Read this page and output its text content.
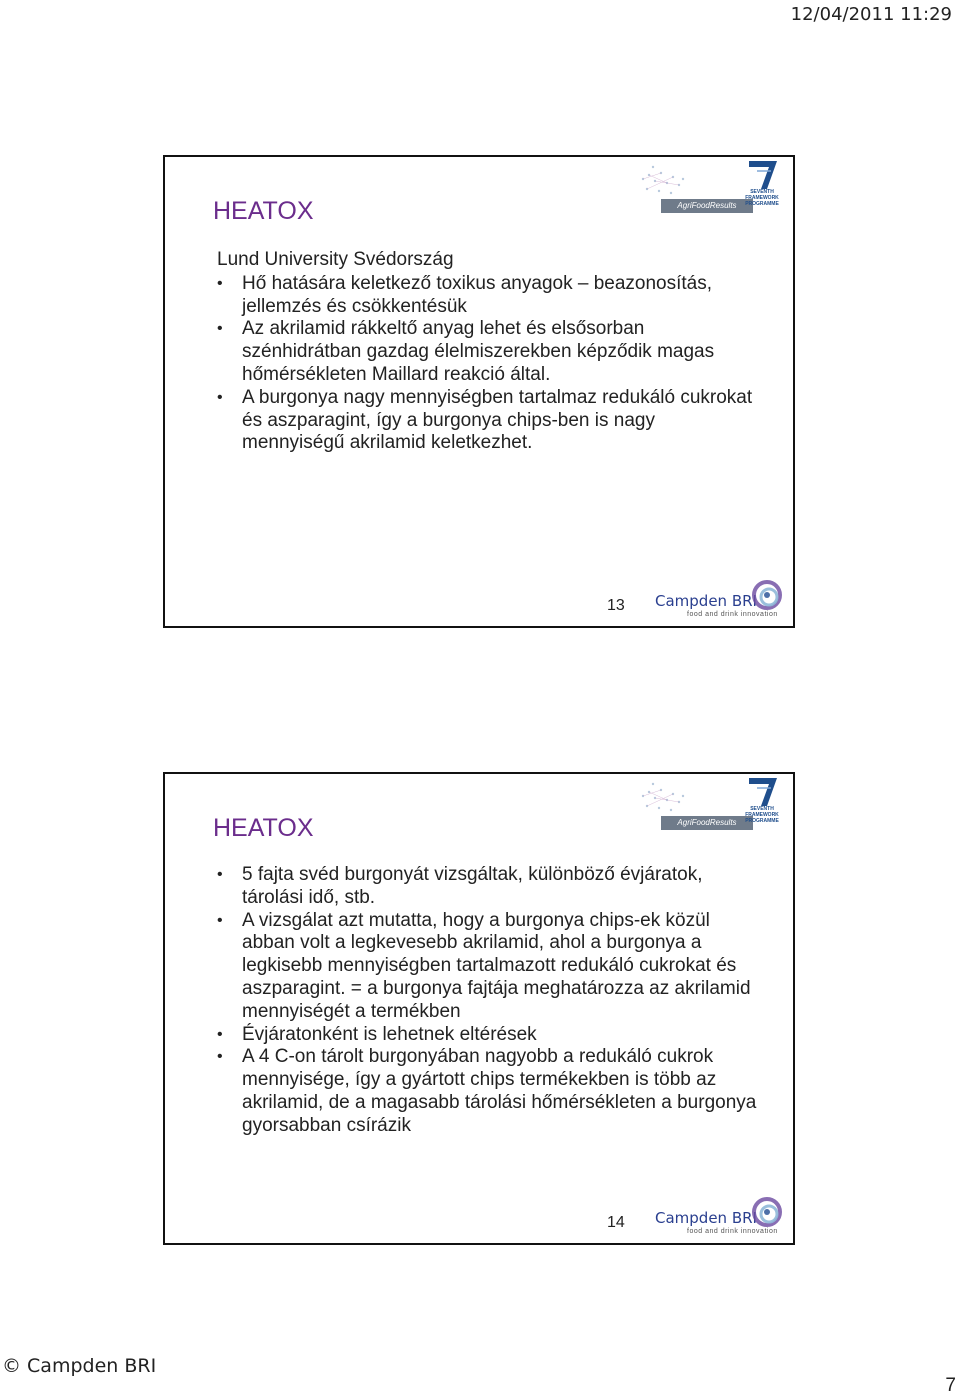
12/04/2011 11:29
AgriFoodResults
SEVENTH FRAMEWORK PROGRAMME
HEATOX

Lund University Svédország

• Hő hatására keletkező toxikus anyagok – beazonosítás, jellemzés és csökkentésük
• Az akrilamid rákkeltő anyag lehet és elsősorban szénhidrátban gazdag élelmiszerekben képződik magas hőmérsékleten Maillard reakció által.
• A burgonya nagy mennyiségben tartalmaz redukáló cukrokat és aszparagint, így a burgonya chips-ben is nagy mennyiségű akrilamid keletkezhet.
13 Campden BRI
food and drink innovation
AgriFoodResults
SEVENTH FRAMEWORK PROGRAMME
HEATOX
• 5 fajta svéd burgonyát vizsgáltak, különböző évjáratok, tárolási idő, stb.
• A vizsgálat azt mutatta, hogy a burgonya chips-ek közül abban volt a legkevesebb akrilamid, ahol a burgonya a legkisebb mennyiségben tartalmazott redukáló cukrokat és aszparagint. = a burgonya fajtája meghatározza az akrilamid mennyiségét a termékben
• Évjáratonként is lehetnek eltérések
• A 4 C-on tárolt burgonyában nagyobb a redukáló cukrok mennyisége, így a gyártott chips termékekben is több az akrilamid, de a magasabb tárolási hőmérsékleten a burgonya gyorsabban csírázik
14 Campden BRI
food and drink innovation
© Campden BRI
7
